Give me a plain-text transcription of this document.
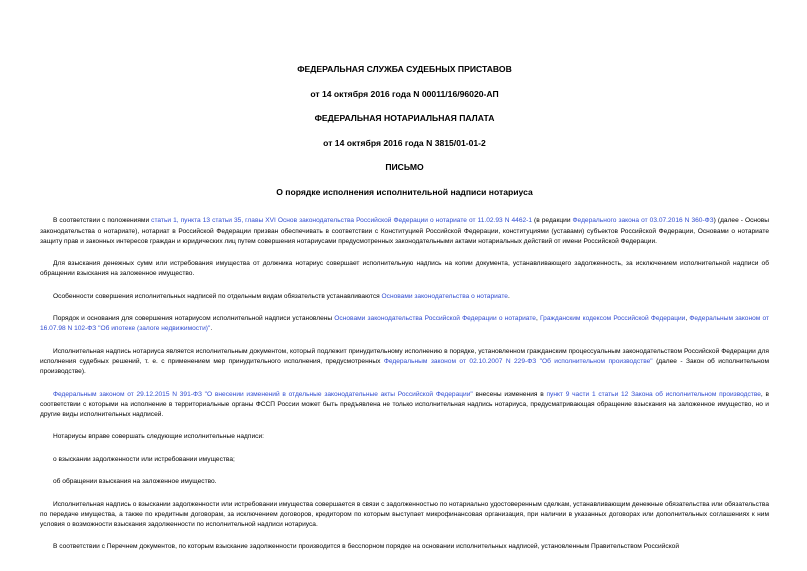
ФЕДЕРАЛЬНАЯ СЛУЖБА СУДЕБНЫХ ПРИСТАВОВ

от 14 октября 2016 года N 00011/16/96020-АП

ФЕДЕРАЛЬНАЯ НОТАРИАЛЬНАЯ ПАЛАТА

от 14 октября 2016 года N 3815/01-01-2

ПИСЬМО

О порядке исполнения исполнительной надписи нотариуса

В соответствии с положениями статьи 1, пункта 13 статьи 35, главы XVI Основ законодательства Российской Федерации о нотариате от 11.02.93 N 4462-1 (в редакции Федерального закона от 03.07.2016 N 360-ФЗ) (далее - Основы законодательства о нотариате), нотариат в Российской Федерации призван обеспечивать в соответствии с Конституцией Российской Федерации, конституциями (уставами) субъектов Российской Федерации, Основами о нотариате защиту прав и законных интересов граждан и юридических лиц путем совершения нотариусами предусмотренных законодательными актами нотариальных действий от имени Российской Федерации.

Для взыскания денежных сумм или истребования имущества от должника нотариус совершает исполнительную надпись на копии документа, устанавливающего задолженность, за исключением исполнительной надписи об обращении взыскания на заложенное имущество.

Особенности совершения исполнительных надписей по отдельным видам обязательств устанавливаются Основами законодательства о нотариате.

Порядок и основания для совершения нотариусом исполнительной надписи установлены Основами законодательства Российской Федерации о нотариате, Гражданским кодексом Российской Федерации, Федеральным законом от 16.07.98 N 102-ФЗ "Об ипотеке (залоге недвижимости)".

Исполнительная надпись нотариуса является исполнительным документом, который подлежит принудительному исполнению в порядке, установленном гражданским процессуальным законодательством Российской Федерации для исполнения судебных решений, т. е. с применением мер принудительного исполнения, предусмотренных Федеральным законом от 02.10.2007 N 229-ФЗ "Об исполнительном производстве" (далее - Закон об исполнительном производстве).

Федеральным законом от 29.12.2015 N 391-ФЗ "О внесении изменений в отдельные законодательные акты Российской Федерации" внесены изменения в пункт 9 части 1 статьи 12 Закона об исполнительном производстве, в соответствии с которыми на исполнение в территориальные органы ФССП России может быть предъявлена не только исполнительная надпись нотариуса, предусматривающая обращение взыскания на заложенное имущество, но и другие виды исполнительных надписей.

Нотариусы вправе совершать следующие исполнительные надписи:

о взыскании задолженности или истребовании имущества;

об обращении взыскания на заложенное имущество.

Исполнительная надпись о взыскании задолженности или истребовании имущества совершается в связи с задолженностью по нотариально удостоверенным сделкам, устанавливающим денежные обязательства или обязательства по передаче имущества, а также по кредитным договорам, за исключением договоров, кредитором по которым выступает микрофинансовая организация, при наличии в указанных договорах или дополнительных соглашениях к ним условия о возможности взыскания задолженности по исполнительной надписи нотариуса.

В соответствии с Перечнем документов, по которым взыскание задолженности производится в бесспорном порядке на основании исполнительных надписей, установленным Правительством Российской
